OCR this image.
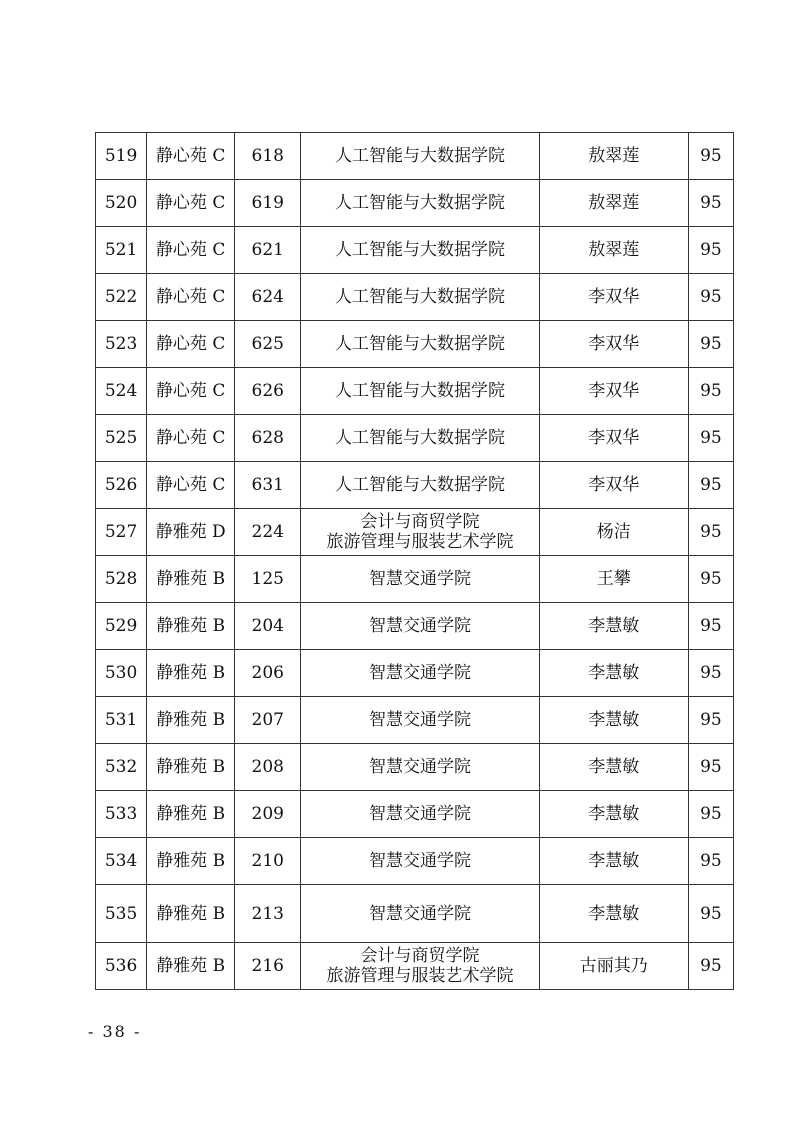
519	静心苑 C	618	人工智能与大数据学院	敖翠莲	95
520	静心苑 C	619	人工智能与大数据学院	敖翠莲	95
521	静心苑 C	621	人工智能与大数据学院	敖翠莲	95
522	静心苑 C	624	人工智能与大数据学院	李双华	95
523	静心苑 C	625	人工智能与大数据学院	李双华	95
524	静心苑 C	626	人工智能与大数据学院	李双华	95
525	静心苑 C	628	人工智能与大数据学院	李双华	95
526	静心苑 C	631	人工智能与大数据学院	李双华	95
527	静雅苑 D	224	会计与商贸学院
旅游管理与服装艺术学院	杨洁	95
528	静雅苑 B	125	智慧交通学院	王攀	95
529	静雅苑 B	204	智慧交通学院	李慧敏	95
530	静雅苑 B	206	智慧交通学院	李慧敏	95
531	静雅苑 B	207	智慧交通学院	李慧敏	95
532	静雅苑 B	208	智慧交通学院	李慧敏	95
533	静雅苑 B	209	智慧交通学院	李慧敏	95
534	静雅苑 B	210	智慧交通学院	李慧敏	95
535	静雅苑 B	213	智慧交通学院	李慧敏	95
536	静雅苑 B	216	会计与商贸学院
旅游管理与服装艺术学院	古丽其乃	95
- 38 -
